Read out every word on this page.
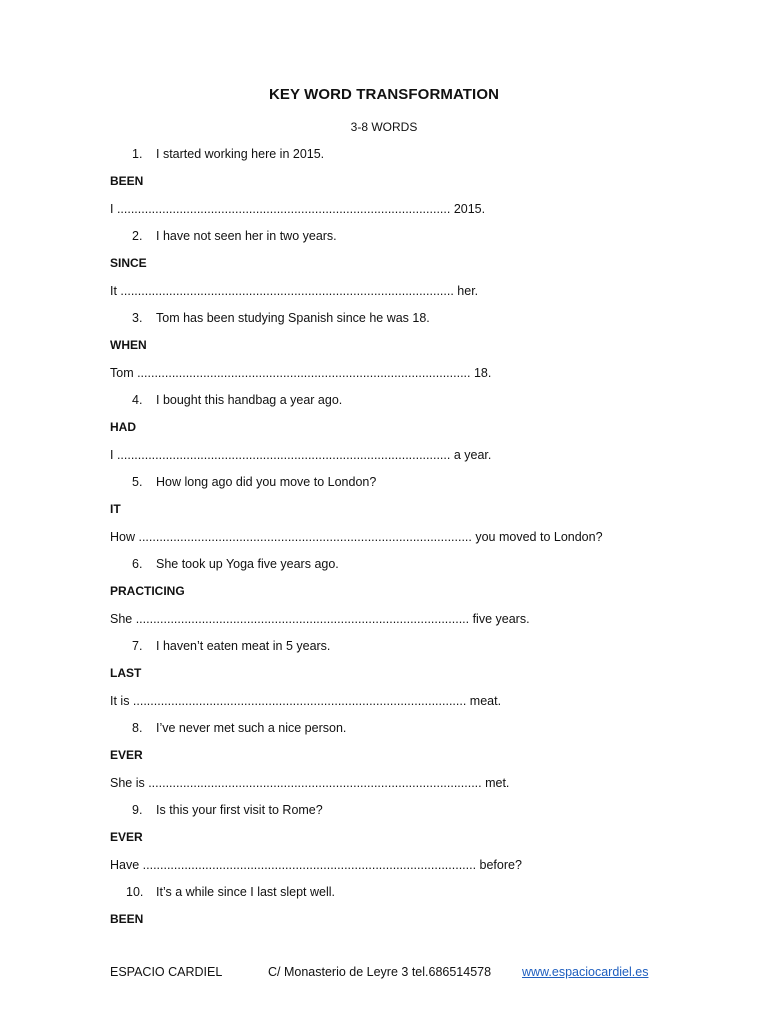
KEY WORD TRANSFORMATION
3-8 WORDS
1. I started working here in 2015.
BEEN
I ................................................................................................ 2015.
2. I have not seen her in two years.
SINCE
It ................................................................................................ her.
3. Tom has been studying Spanish since he was 18.
WHEN
Tom ................................................................................................ 18.
4. I bought this handbag a year ago.
HAD
I ................................................................................................ a year.
5. How long ago did you move to London?
IT
How ................................................................................................ you moved to London?
6. She took up Yoga five years ago.
PRACTICING
She ................................................................................................ five years.
7. I haven’t eaten meat in 5 years.
LAST
It is ................................................................................................ meat.
8. I’ve never met such a nice person.
EVER
She is ................................................................................................ met.
9. Is this your first visit to Rome?
EVER
Have ................................................................................................ before?
10. It’s a while since I last slept well.
BEEN
ESPACIO CARDIEL	C/ Monasterio de Leyre 3 tel.686514578 www.espaciocardiel.es
